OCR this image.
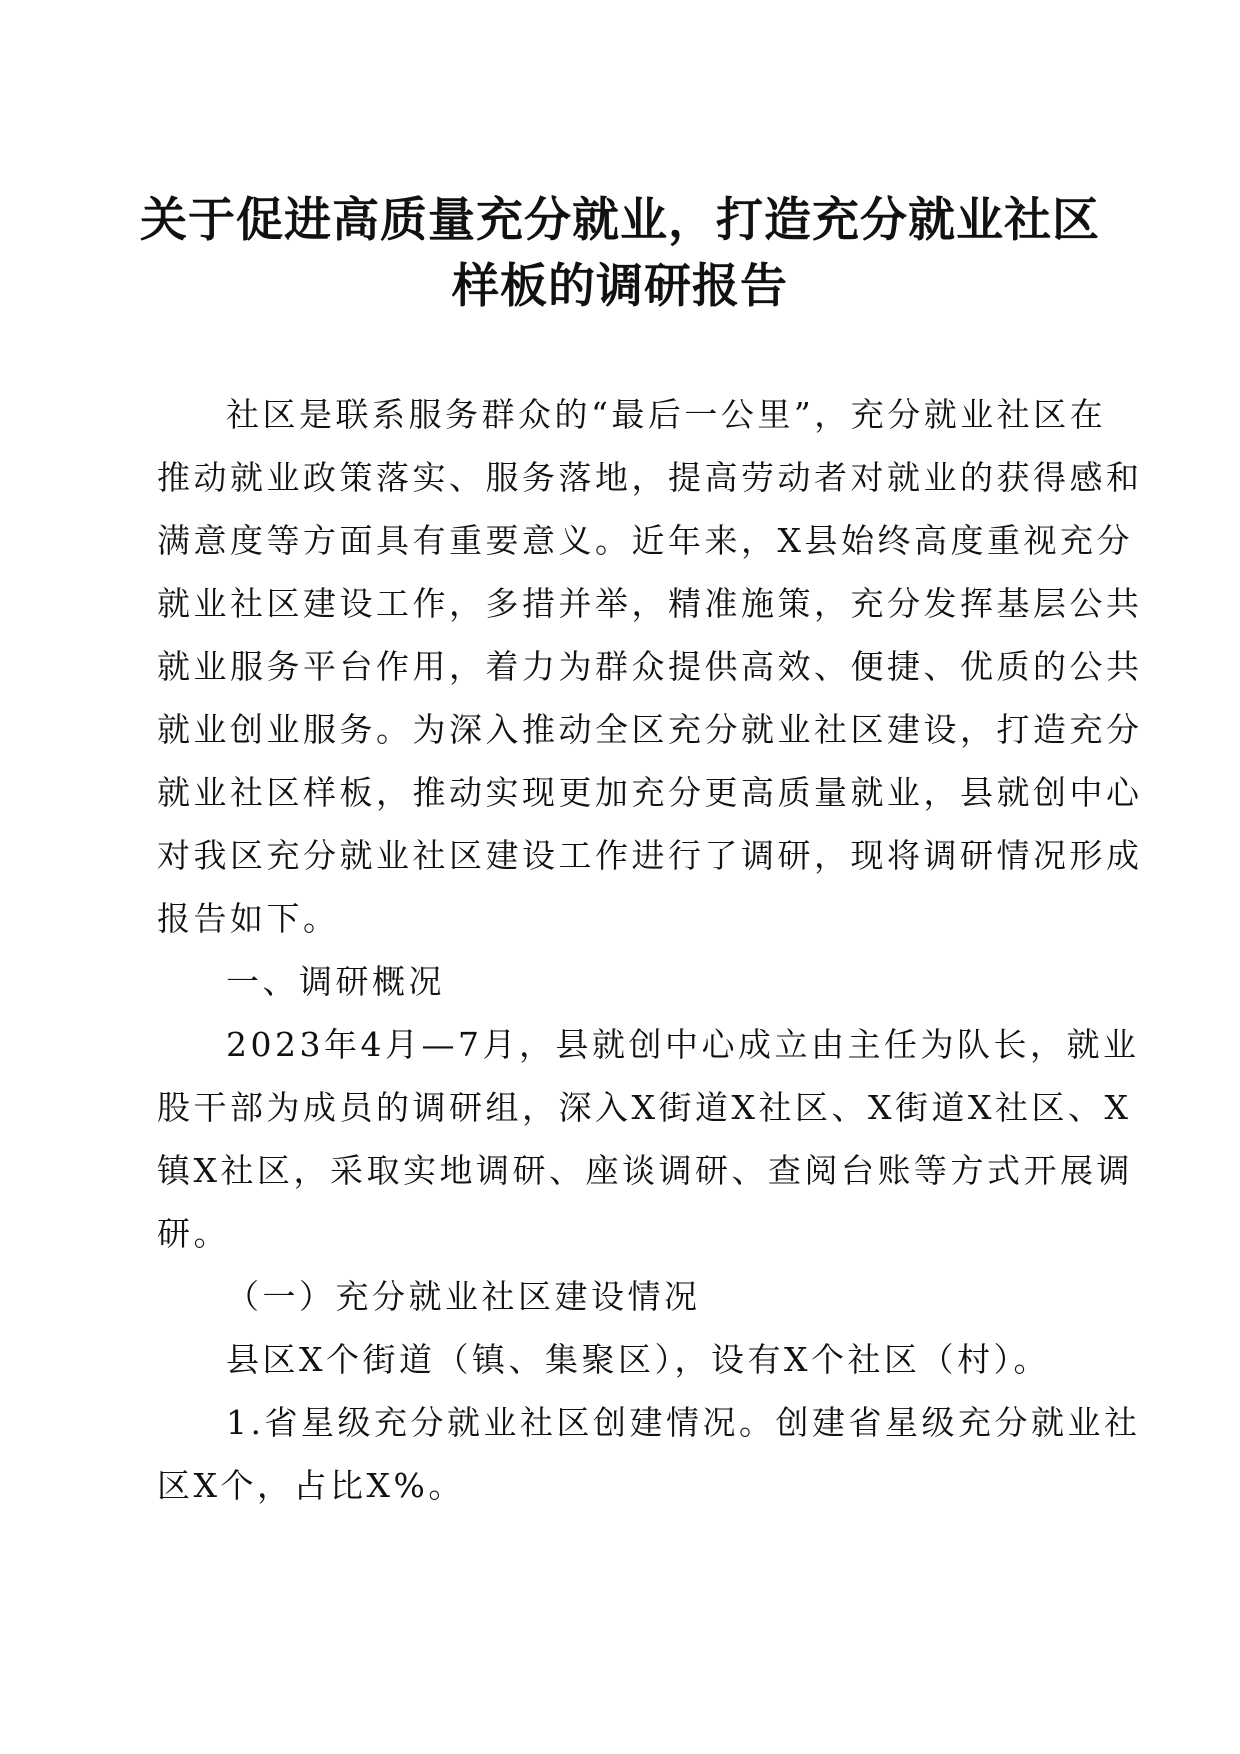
关于促进高质量充分就业，打造充分就业社区
样板的调研报告
社区是联系服务群众的“最后一公里”，充分就业社区在
推动就业政策落实、服务落地，提高劳动者对就业的获得感和
满意度等方面具有重要意义。近年来，X县始终高度重视充分
就业社区建设工作，多措并举，精准施策，充分发挥基层公共
就业服务平台作用，着力为群众提供高效、便捷、优质的公共
就业创业服务。为深入推动全区充分就业社区建设，打造充分
就业社区样板，推动实现更加充分更高质量就业，县就创中心
对我区充分就业社区建设工作进行了调研，现将调研情况形成
报告如下。
一、调研概况
2023年4月—7月，县就创中心成立由主任为队长，就业
股干部为成员的调研组，深入X街道X社区、X街道X社区、X
镇X社区，采取实地调研、座谈调研、查阅台账等方式开展调
研。
（一）充分就业社区建设情况
县区X个街道（镇、集聚区），设有X个社区（村）。
1.省星级充分就业社区创建情况。创建省星级充分就业社
区X个，占比X%。
